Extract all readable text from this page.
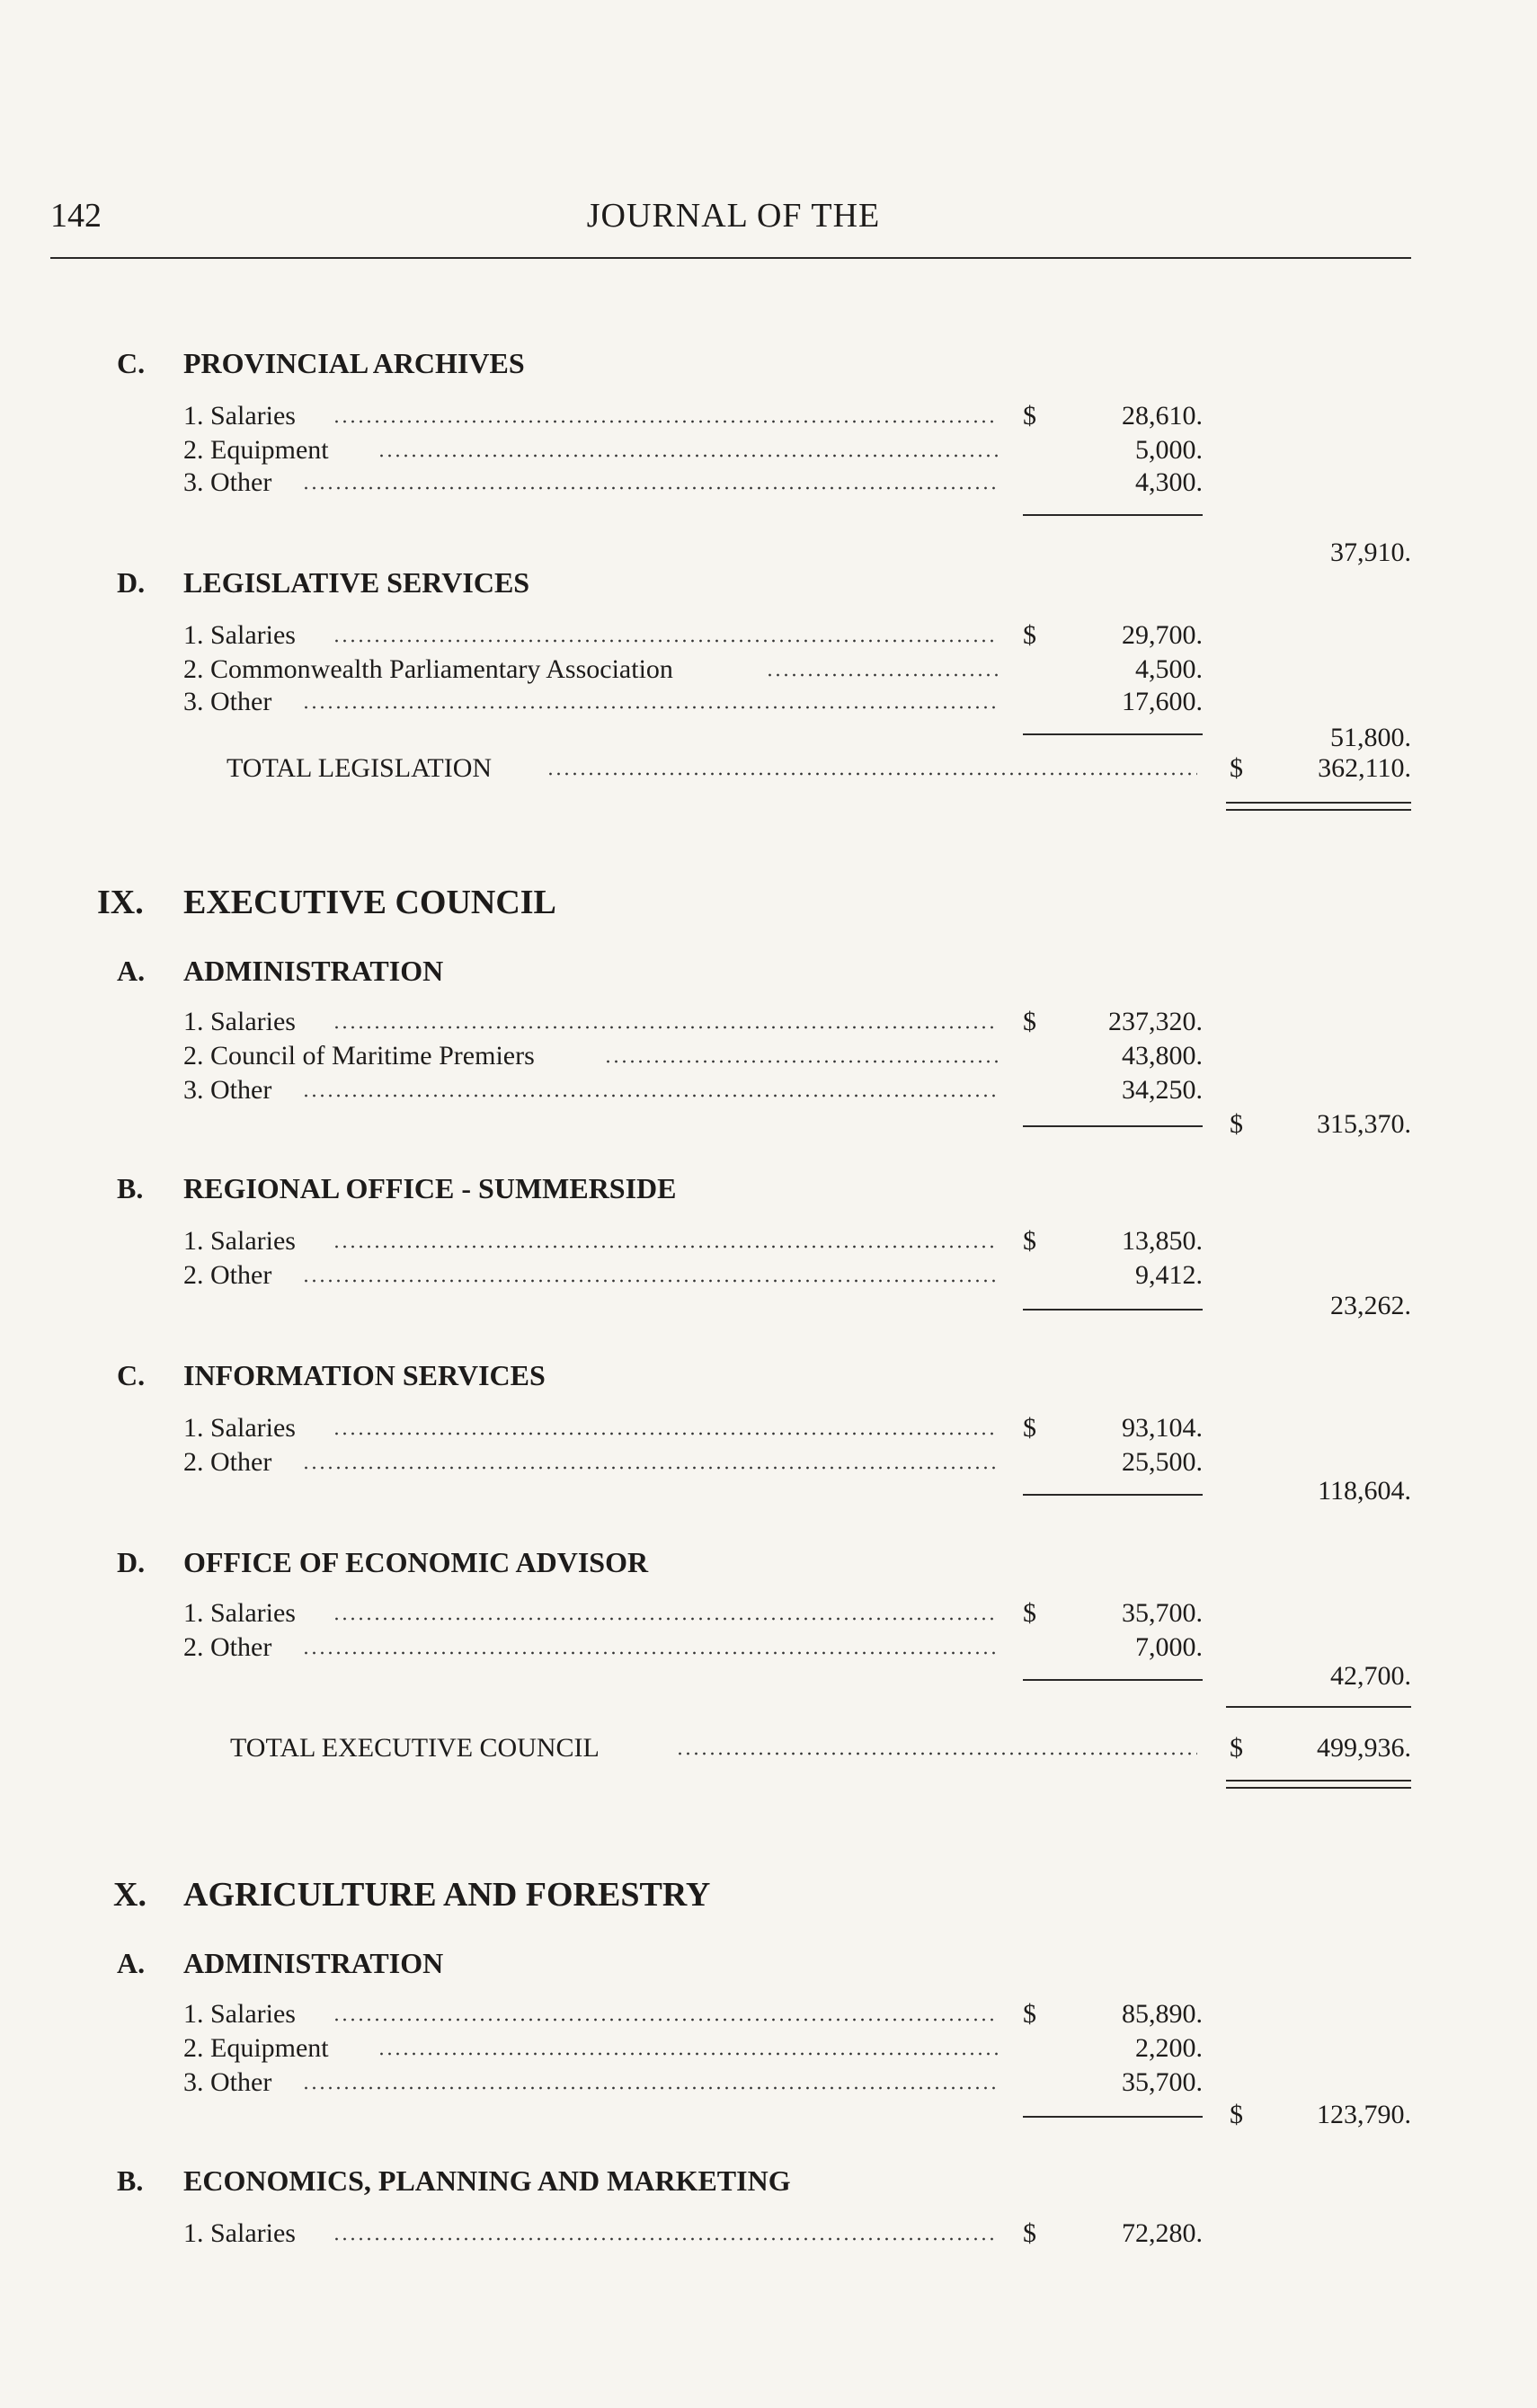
142	JOURNAL OF THE
C. PROVINCIAL ARCHIVES
1. Salaries	$	28,610.
2. Equipment	5,000.
3. Other	4,300.
37,910.
D. LEGISLATIVE SERVICES
1. Salaries	$	29,700.
2. Commonwealth Parliamentary Association	4,500.
3. Other	17,600.
51,800.
TOTAL LEGISLATION	$	362,110.
IX. EXECUTIVE COUNCIL
A. ADMINISTRATION
1. Salaries	$	237,320.
2. Council of Maritime Premiers	43,800.
3. Other	34,250.
$	315,370.
B. REGIONAL OFFICE - SUMMERSIDE
1. Salaries	$	13,850.
2. Other	9,412.
23,262.
C. INFORMATION SERVICES
1. Salaries	$	93,104.
2. Other	25,500.
118,604.
D. OFFICE OF ECONOMIC ADVISOR
1. Salaries	$	35,700.
2. Other	7,000.
42,700.
TOTAL EXECUTIVE COUNCIL	$	499,936.
X. AGRICULTURE AND FORESTRY
A. ADMINISTRATION
1. Salaries	$	85,890.
2. Equipment	2,200.
3. Other	35,700.
$	123,790.
B. ECONOMICS, PLANNING AND MARKETING
1. Salaries	$	72,280.
